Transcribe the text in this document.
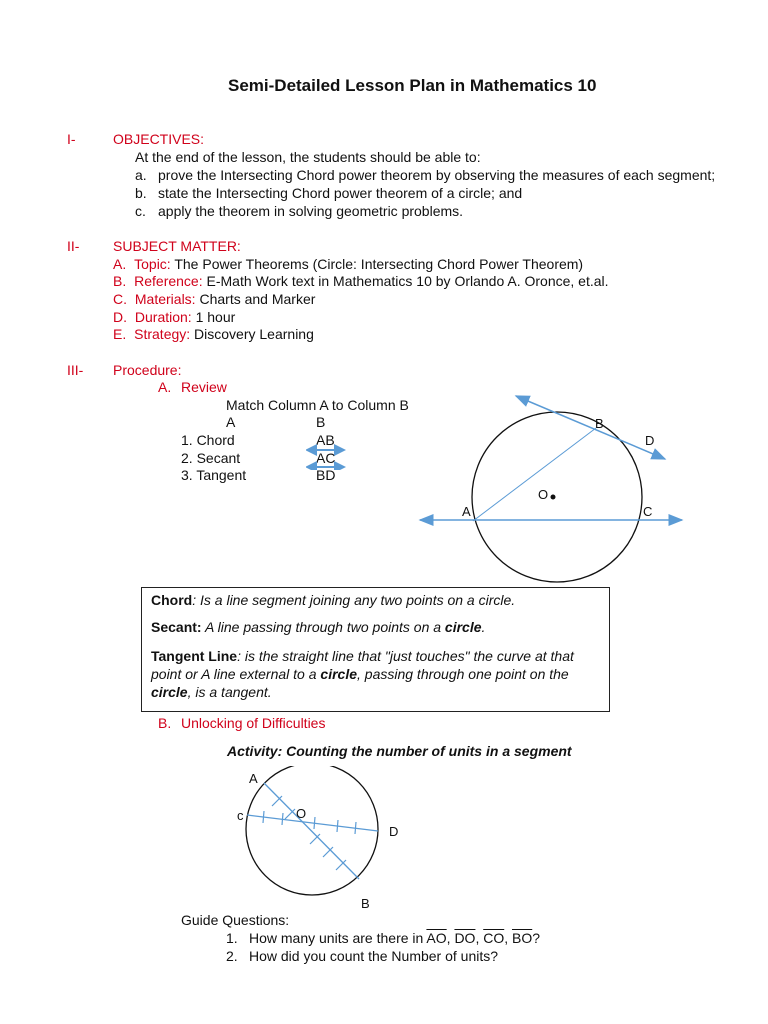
Semi-Detailed Lesson Plan in Mathematics 10
I-	OBJECTIVES:
At the end of the lesson, the students should be able to:
a. prove the Intersecting Chord power theorem by observing the measures of each segment;
b. state the Intersecting Chord power theorem of a circle; and
c. apply the theorem in solving geometric problems.
II- SUBJECT MATTER:
A. Topic: The Power Theorems (Circle: Intersecting Chord Power Theorem)
B. Reference: E-Math Work text in Mathematics 10 by Orlando A. Oronce, et.al.
C. Materials: Charts and Marker
D. Duration: 1 hour
E. Strategy: Discovery Learning
III- Procedure:
A. Review
Match Column A to Column B
A	B
1. Chord	AB
2. Secant	AC
3. Tangent	BD
B
D
O
A	C
Chord: Is a line segment joining any two points on a circle.
Secant: A line passing through two points on a circle.
Tangent Line: is the straight line that "just touches" the curve at that
point or A line external to a circle, passing through one point on the
circle, is a tangent.
B. Unlocking of Difficulties
Activity: Counting the number of units in a segment
A
c	O
D
B
Guide Questions:
1. How many units are there in $\overline{AO}$, $\overline{DO}$, $\overline{CO}$, $\overline{BO}$?
2. How did you count the Number of units?
